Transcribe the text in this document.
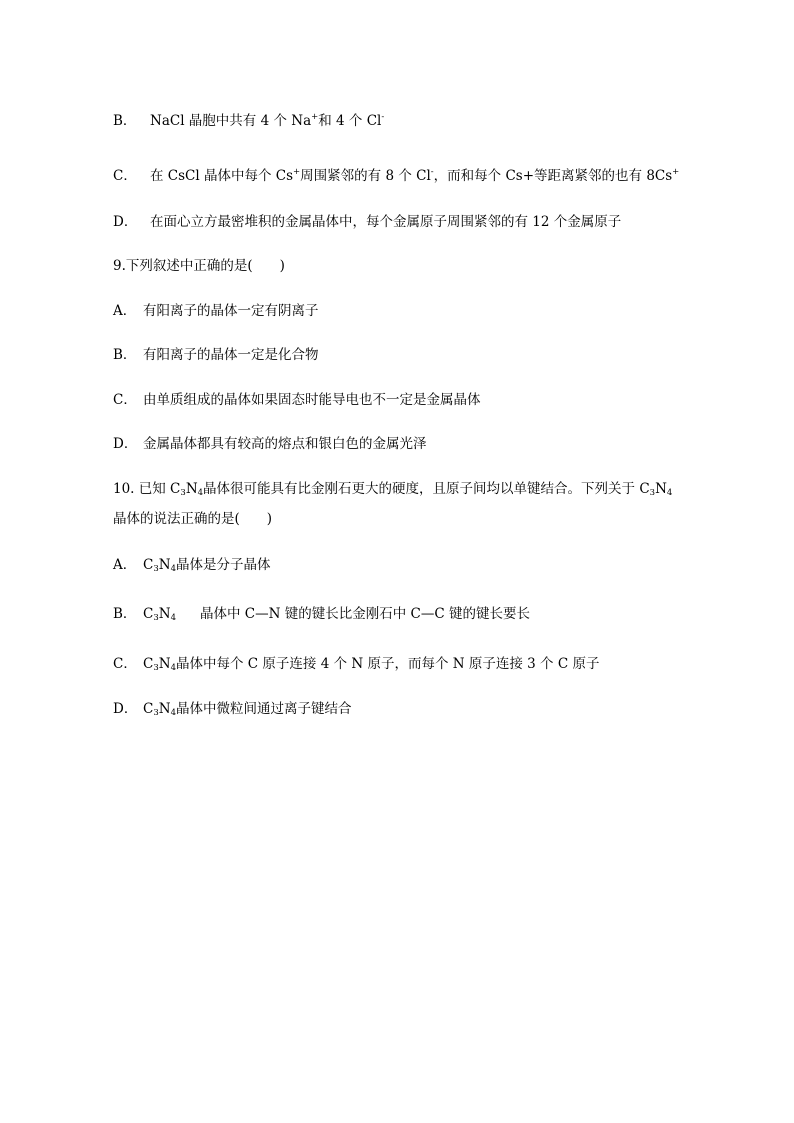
B． NaCl 晶胞中共有 4 个 Na+和 4 个 Cl-
C． 在 CsCl 晶体中每个 Cs+周围紧邻的有 8 个 Cl-，而和每个 Cs+等距离紧邻的也有 8Cs+
D． 在面心立方最密堆积的金属晶体中，每个金属原子周围紧邻的有 12 个金属原子
9.下列叙述中正确的是(　　)
A． 有阳离子的晶体一定有阴离子
B． 有阳离子的晶体一定是化合物
C． 由单质组成的晶体如果固态时能导电也不一定是金属晶体
D． 金属晶体都具有较高的熔点和银白色的金属光泽
10. 已知 $C_3N_4$晶体很可能具有比金刚石更大的硬度，且原子间均以单键结合。下列关于 $C_3N_4$
晶体的说法正确的是(　　)
A． $C_3N_4$晶体是分子晶体
B． $C_3N_4$ 晶体中 C—N 键的键长比金刚石中 C—C 键的键长要长
C． $C_3N_4$晶体中每个 C 原子连接 4 个 N 原子，而每个 N 原子连接 3 个 C 原子
D． $C_3N_4$晶体中微粒间通过离子键结合
